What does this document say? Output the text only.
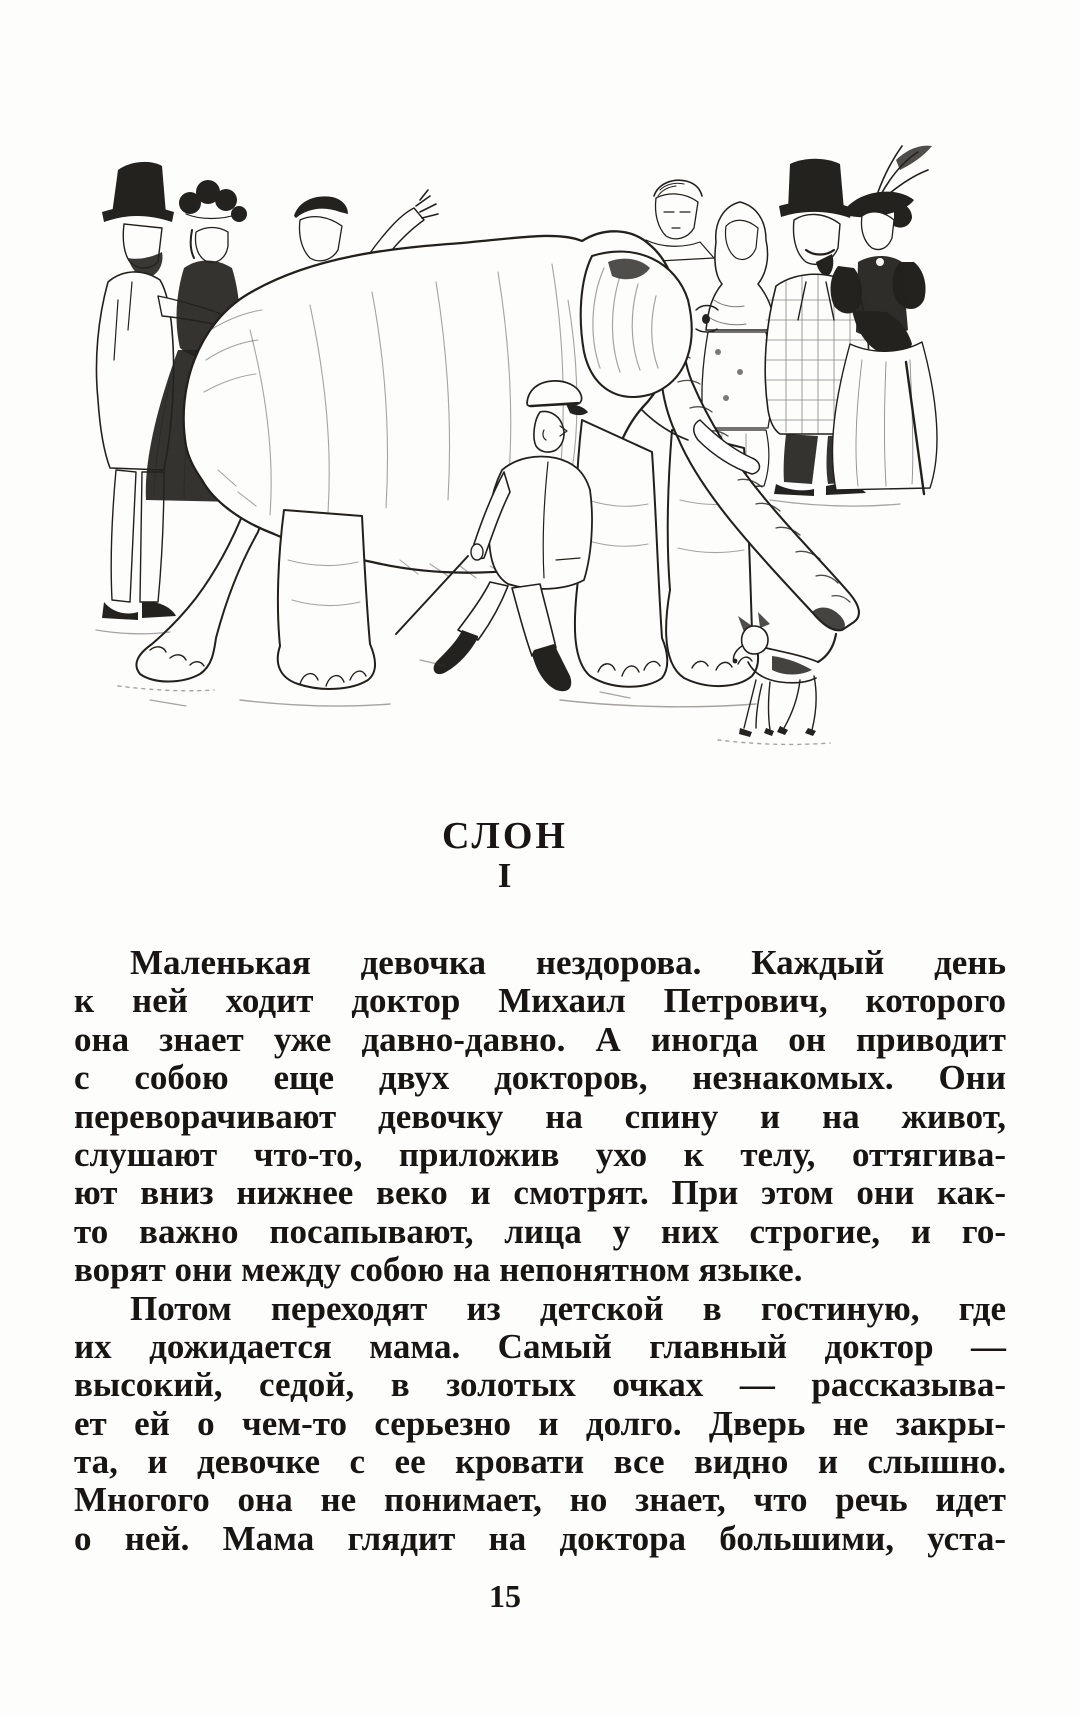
СЛОН
I
Маленькая девочка нездорова. Каждый день
к ней ходит доктор Михаил Петрович, которого
она знает уже давно-давно. А иногда он приводит
с собою еще двух докторов, незнакомых. Они
переворачивают девочку на спину и на живот,
слушают что-то, приложив ухо к телу, оттягива-
ют вниз нижнее веко и смотрят. При этом они как-
то важно посапывают, лица у них строгие, и го-
ворят они между собою на непонятном языке.
Потом переходят из детской в гостиную, где
их дожидается мама. Самый главный доктор —
высокий, седой, в золотых очках — рассказыва-
ет ей о чем-то серьезно и долго. Дверь не закры-
та, и девочке с ее кровати все видно и слышно.
Многого она не понимает, но знает, что речь идет
о ней. Мама глядит на доктора большими, уста-
15
